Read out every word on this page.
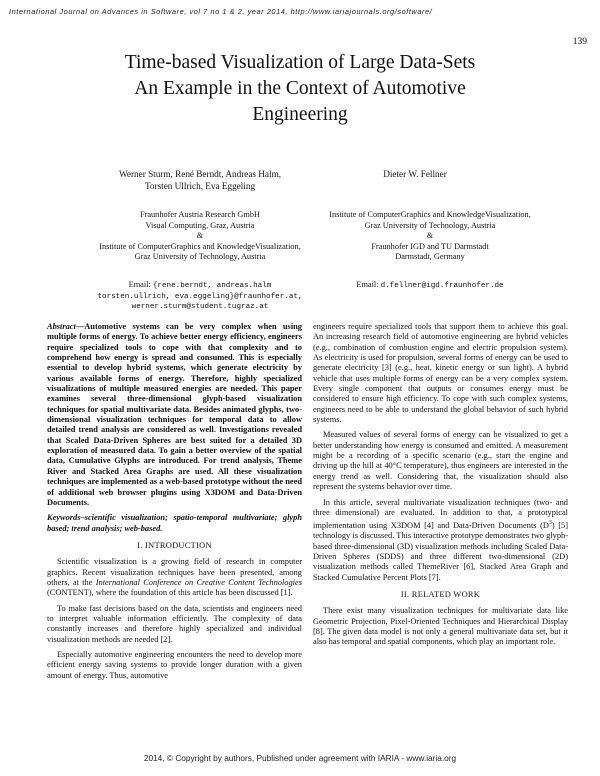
International Journal on Advances in Software, vol 7 no 1 & 2, year 2014, http://www.iariajournals.org/software/
139
Time-based Visualization of Large Data-Sets
An Example in the Context of Automotive
Engineering
Werner Sturm, René Berndt, Andreas Halm,
Torsten Ullrich, Eva Eggeling
Dieter W. Fellner
Fraunhofer Austria Research GmbH
Visual Computing, Graz, Austria
&
Institute of ComputerGraphics and KnowledgeVisualization,
Graz University of Technology, Austria
Institute of ComputerGraphics and KnowledgeVisualization,
Graz University of Technology, Austria
&
Fraunhofer IGD and TU Darmstadt
Darmstadt, Germany
Email: {rene.berndt, andreas.halm
torsten.ullrich, eva.eggeling}@fraunhofer.at,
werner.sturm@student.tugraz.at
Email: d.fellner@igd.fraunhofer.de

Abstract—Automotive systems can be very complex when using multiple forms of energy. To achieve better energy efficiency, engineers require specialized tools to cope with that complexity and to comprehend how energy is spread and consumed. This is especially essential to develop hybrid systems, which generate electricity by various available forms of energy. Therefore, highly specialized visualizations of multiple measured energies are needed. This paper examines several three-dimensional glyph-based visualization techniques for spatial multivariate data. Besides animated glyphs, two-dimensional visualization techniques for temporal data to allow detailed trend analysis are considered as well. Investigations revealed that Scaled Data-Driven Spheres are best suited for a detailed 3D exploration of measured data. To gain a better overview of the spatial data, Cumulative Glyphs are introduced. For trend analysis, Theme River and Stacked Area Graphs are used. All these visualization techniques are implemented as a web-based prototype without the need of additional web browser plugins using X3DOM and Data-Driven Documents.

Keywords–scientific visualization; spatio-temporal multivariate; glyph based; trend analysis; web-based.

I. INTRODUCTION

Scientific visualization is a growing field of research in computer graphics. Recent visualization techniques have been presented, among others, at the International Conference on Creative Content Technologies (CONTENT), where the foundation of this article has been discussed [1].

To make fast decisions based on the data, scientists and engineers need to interpret valuable information efficiently. The complexity of data constantly increases and therefore highly specialized and individual visualization methods are needed [2].

Especially automotive engineering encounters the need to develop more efficient energy saving systems to provide longer duration with a given amount of energy. Thus, automotive

engineers require specialized tools that support them to achieve this goal. An increasing research field of automotive engineering are hybrid vehicles (e.g., combination of combustion engine and electric propulsion system). As electricity is used for propulsion, several forms of energy can be used to generate electricity [3] (e.g., heat, kinetic energy or sun light). A hybrid vehicle that uses multiple forms of energy can be a very complex system. Every single component that outputs or consumes energy must be considered to ensure high efficiency. To cope with such complex systems, engineers need to be able to understand the global behavior of such hybrid systems.

Measured values of several forms of energy can be visualized to get a better understanding how energy is consumed and emitted. A measurement might be a recording of a specific scenario (e.g., start the engine and driving up the hill at 40°C temperature), thus engineers are interested in the energy trend as well. Considering that, the visualization should also represent the systems behavior over time.

In this article, several multivariate visualization techniques (two- and three dimensional) are evaluated. In addition to that, a prototypical implementation using X3DOM [4] and Data-Driven Documents $(D^3)$ [5] technology is discussed. This interactive prototype demonstrates two glyph-based three-dimensional (3D) visualization methods including Scaled Data-Driven Spheres (SDDS) and three different two-dimensional (2D) visualization methods called ThemeRiver [6], Stacked Area Graph and Stacked Cumulative Percent Plots [7].

II. RELATED WORK

There exist many visualization techniques for multivariate data like Geometric Projection, Pixel-Oriented Techniques and Hierarchical Display [8]. The given data model is not only a general multivariate data set, but it also has temporal and spatial components, which play an important role.

2014, © Copyright by authors, Published under agreement with IARIA - www.iaria.org
